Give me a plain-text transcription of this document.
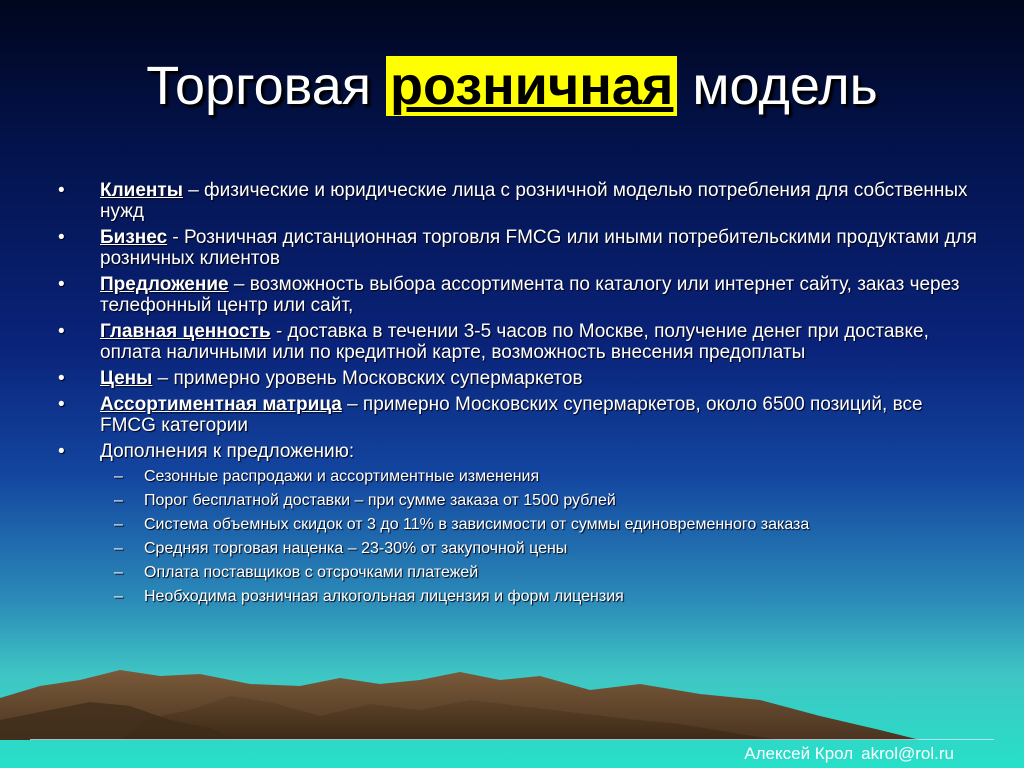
Торговая розничная модель
• Клиенты – физические и юридические лица с розничной моделью потребления для собственных нужд
• Бизнес - Розничная дистанционная торговля FMCG или иными потребительскими продуктами для розничных клиентов
• Предложение – возможность выбора ассортимента по каталогу или интернет сайту, заказ через телефонный центр или сайт,
• Главная ценность - доставка в течении 3-5 часов по Москве, получение денег при доставке, оплата наличными или по кредитной карте, возможность внесения предоплаты
• Цены – примерно уровень Московских супермаркетов
• Ассортиментная матрица – примерно Московских супермаркетов, около 6500 позиций, все FMCG категории
• Дополнения к предложению:
– Сезонные распродажи и ассортиментные изменения
– Порог бесплатной доставки – при сумме заказа от 1500 рублей
– Система объемных скидок от 3 до 11% в зависимости от суммы единовременного заказа
– Средняя торговая наценка – 23-30% от закупочной цены
– Оплата поставщиков с отсрочками платежей
– Необходима розничная алкогольная лицензия и форм лицензия
Алексей Крол akrol@rol.ru
